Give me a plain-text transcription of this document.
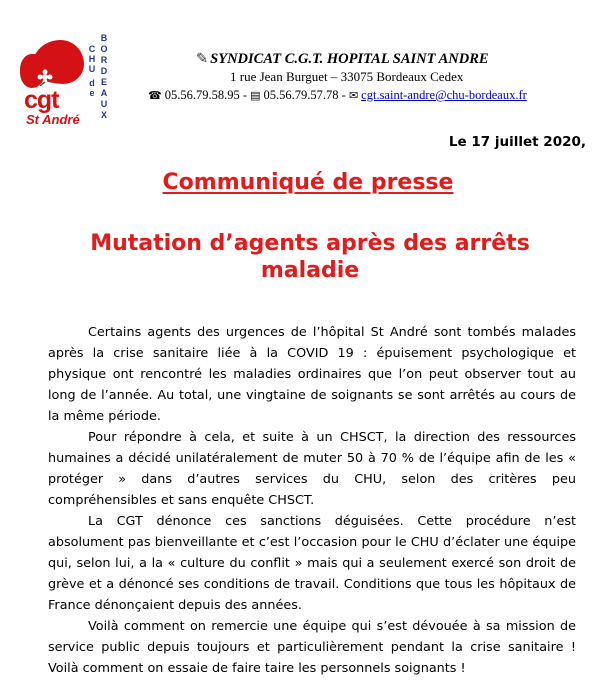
cgt
St André
C
H
U
d
e
B
O
R
D
E
A
U
X
✎ SYNDICAT C.G.T. HOPITAL SAINT ANDRE
1 rue Jean Burguet – 33075 Bordeaux Cedex
☎ 05.56.79.58.95 - ▤ 05.56.79.57.78 - ✉ cgt.saint-andre@chu-bordeaux.fr
Le 17 juillet 2020,
Communiqué de presse
Mutation d’agents après des arrêts maladie

Certains agents des urgences de l’hôpital St André sont tombés malades après la crise sanitaire liée à la COVID 19 : épuisement psychologique et physique ont rencontré les maladies ordinaires que l’on peut observer tout au long de l’année. Au total, une vingtaine de soignants se sont arrêtés au cours de la même période.

Pour répondre à cela, et suite à un CHSCT, la direction des ressources humaines a décidé unilatéralement de muter 50 à 70 % de l’équipe afin de les « protéger » dans d’autres services du CHU, selon des critères peu compréhensibles et sans enquête CHSCT.

La CGT dénonce ces sanctions déguisées. Cette procédure n’est absolument pas bienveillante et c’est l’occasion pour le CHU d’éclater une équipe qui, selon lui, a la « culture du conflit » mais qui a seulement exercé son droit de grève et a dénoncé ses conditions de travail. Conditions que tous les hôpitaux de France dénonçaient depuis des années.

Voilà comment on remercie une équipe qui s’est dévouée à sa mission de service public depuis toujours et particulièrement pendant la crise sanitaire ! Voilà comment on essaie de faire taire les personnels soignants !
